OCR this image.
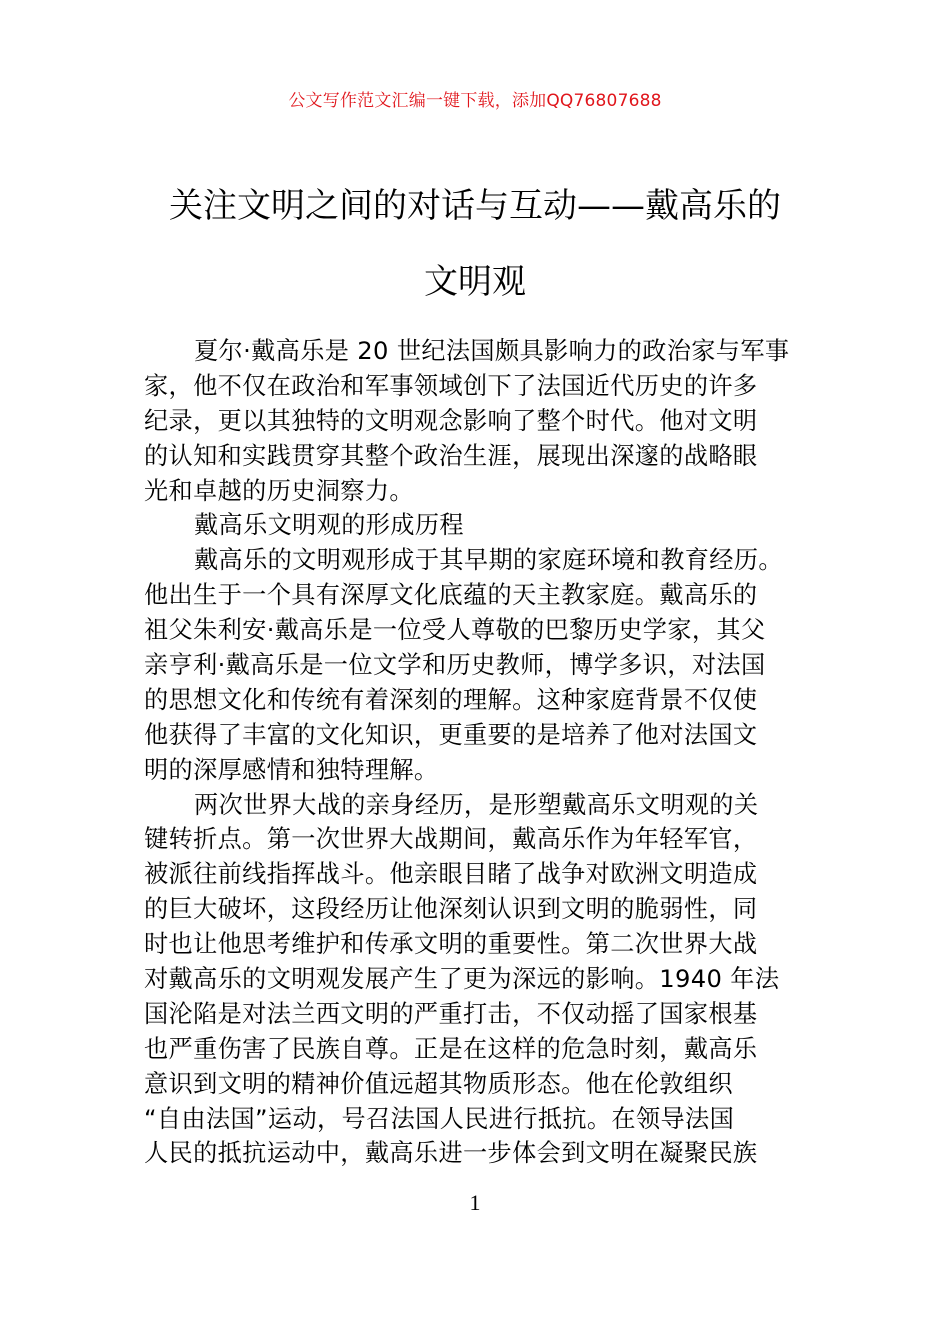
公文写作范文汇编一键下载，添加QQ76807688
关注文明之间的对话与互动——戴高乐的
文明观
夏尔·戴高乐是 20 世纪法国颇具影响力的政治家与军事
家，他不仅在政治和军事领域创下了法国近代历史的许多
纪录，更以其独特的文明观念影响了整个时代。他对文明
的认知和实践贯穿其整个政治生涯，展现出深邃的战略眼
光和卓越的历史洞察力。
戴高乐文明观的形成历程
戴高乐的文明观形成于其早期的家庭环境和教育经历。
他出生于一个具有深厚文化底蕴的天主教家庭。戴高乐的
祖父朱利安·戴高乐是一位受人尊敬的巴黎历史学家，其父
亲亨利·戴高乐是一位文学和历史教师，博学多识，对法国
的思想文化和传统有着深刻的理解。这种家庭背景不仅使
他获得了丰富的文化知识，更重要的是培养了他对法国文
明的深厚感情和独特理解。
两次世界大战的亲身经历，是形塑戴高乐文明观的关
键转折点。第一次世界大战期间，戴高乐作为年轻军官，
被派往前线指挥战斗。他亲眼目睹了战争对欧洲文明造成
的巨大破坏，这段经历让他深刻认识到文明的脆弱性，同
时也让他思考维护和传承文明的重要性。第二次世界大战
对戴高乐的文明观发展产生了更为深远的影响。1940 年法
国沦陷是对法兰西文明的严重打击，不仅动摇了国家根基
也严重伤害了民族自尊。正是在这样的危急时刻，戴高乐
意识到文明的精神价值远超其物质形态。他在伦敦组织
“自由法国”运动，号召法国人民进行抵抗。在领导法国
人民的抵抗运动中，戴高乐进一步体会到文明在凝聚民族
1
